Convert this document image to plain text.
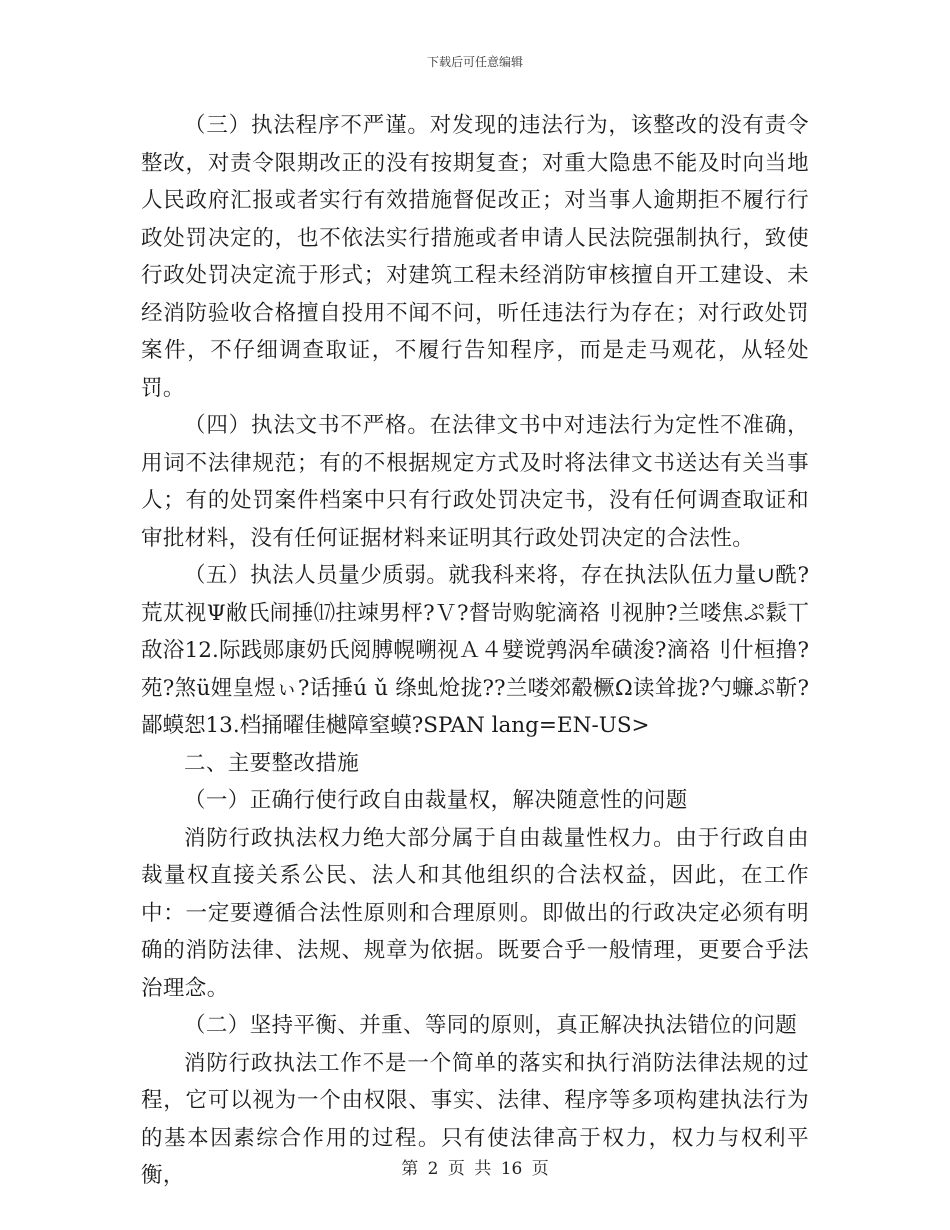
下载后可任意编辑

（三）执法程序不严谨。对发现的违法行为，该整改的没有责令整改，对责令限期改正的没有按期复查；对重大隐患不能及时向当地人民政府汇报或者实行有效措施督促改正；对当事人逾期拒不履行行政处罚决定的，也不依法实行措施或者申请人民法院强制执行，致使行政处罚决定流于形式；对建筑工程未经消防审核擅自开工建设、未经消防验收合格擅自投用不闻不问，听任违法行为存在；对行政处罚案件，不仔细调查取证，不履行告知程序，而是走马观花，从轻处罚。

（四）执法文书不严格。在法律文书中对违法行为定性不准确，用词不法律规范；有的不根据规定方式及时将法律文书送达有关当事人；有的处罚案件档案中只有行政处罚决定书，没有任何调查取证和审批材料，没有任何证据材料来证明其行政处罚决定的合法性。

（五）执法人员量少质弱。就我科来将，存在执法队伍力量∪酰?荒苁视Ψ敝氏闹捶⒄拄竦男枰?Ｖ?督岢购鸵滴袼刂视肿?兰喽焦ぷ鬏丅敌浴12.际践郧康奶氏阅膊幌嗍视Ａ４嬖谠鹑涡牟磺浚?滴袼刂什桓撸?苑?煞ü娌皇煜ぃ?话捶ú ǔ 绦虬炝拢??兰喽郊觳橛Ω读耸拢?勺蠊ぷ靳?鄙蟆恕13.档捅曜佳樾障窒蟆?SPAN lang=EN-US>

二、主要整改措施

（一）正确行使行政自由裁量权，解决随意性的问题

消防行政执法权力绝大部分属于自由裁量性权力。由于行政自由裁量权直接关系公民、法人和其他组织的合法权益，因此，在工作中：一定要遵循合法性原则和合理原则。即做出的行政决定必须有明确的消防法律、法规、规章为依据。既要合乎一般情理，更要合乎法治理念。

（二）坚持平衡、并重、等同的原则，真正解决执法错位的问题

消防行政执法工作不是一个简单的落实和执行消防法律法规的过程，它可以视为一个由权限、事实、法律、程序等多项构建执法行为的基本因素综合作用的过程。只有使法律高于权力，权力与权利平衡，	第 2 页 共 16 页
